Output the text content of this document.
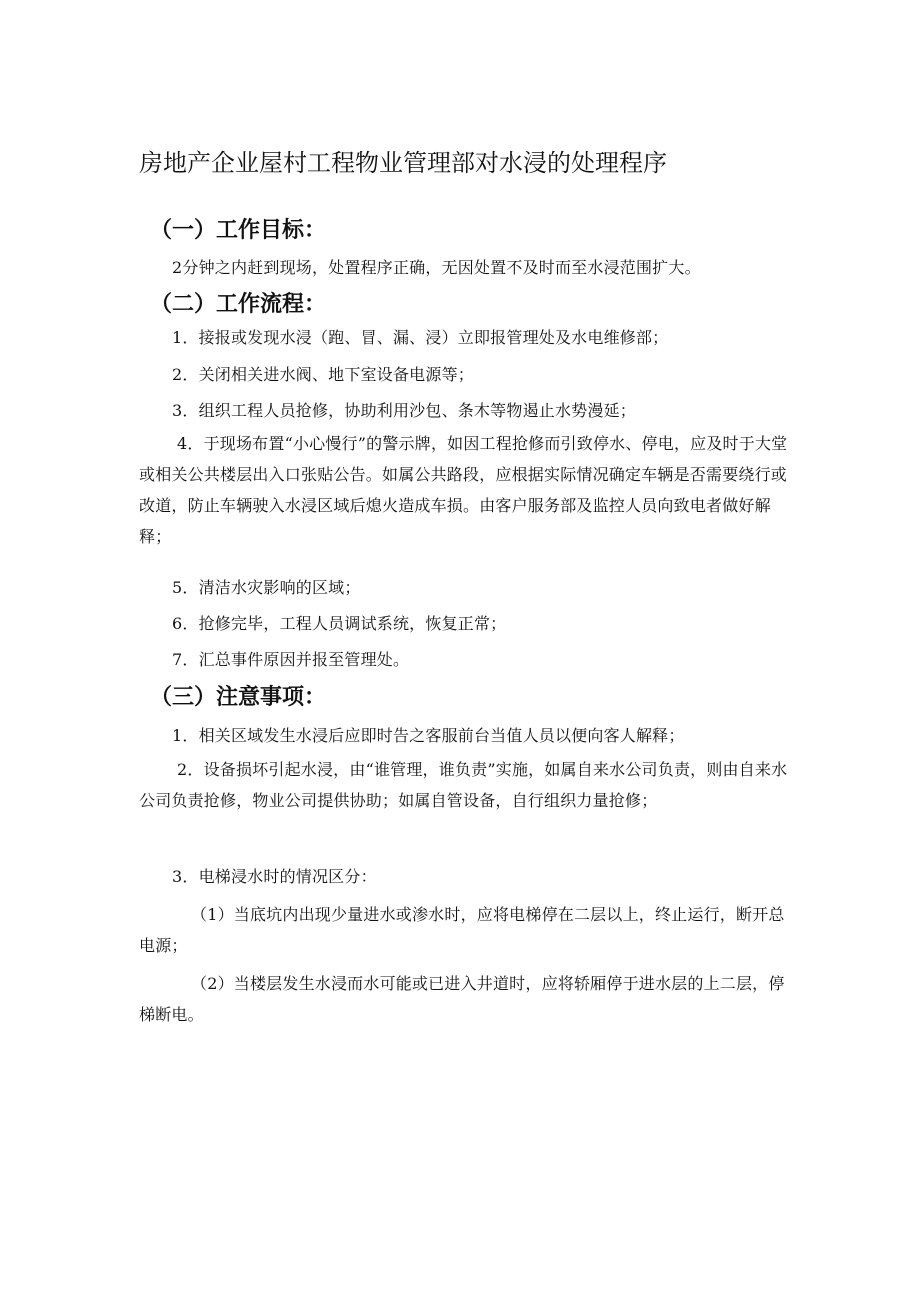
房地产企业屋村工程物业管理部对水浸的处理程序
（一）工作目标：
2分钟之内赶到现场，处置程序正确，无因处置不及时而至水浸范围扩大。
（二）工作流程：
1．接报或发现水浸（跑、冒、漏、浸）立即报管理处及水电维修部；
2．关闭相关进水阀、地下室设备电源等；
3．组织工程人员抢修，协助利用沙包、条木等物遏止水势漫延；
4．于现场布置“小心慢行”的警示牌，如因工程抢修而引致停水、停电，应及时于大堂或相关公共楼层出入口张贴公告。如属公共路段，应根据实际情况确定车辆是否需要绕行或改道，防止车辆驶入水浸区域后熄火造成车损。由客户服务部及监控人员向致电者做好解释；
5．清洁水灾影响的区域；
6．抢修完毕，工程人员调试系统，恢复正常；
7．汇总事件原因并报至管理处。
（三）注意事项：
1．相关区域发生水浸后应即时告之客服前台当值人员以便向客人解释；
2．设备损坏引起水浸，由“谁管理，谁负责”实施，如属自来水公司负责，则由自来水公司负责抢修，物业公司提供协助；如属自管设备，自行组织力量抢修；
3．电梯浸水时的情况区分：
（1）当底坑内出现少量进水或渗水时，应将电梯停在二层以上，终止运行，断开总电源；
（2）当楼层发生水浸而水可能或已进入井道时，应将轿厢停于进水层的上二层，停梯断电。
